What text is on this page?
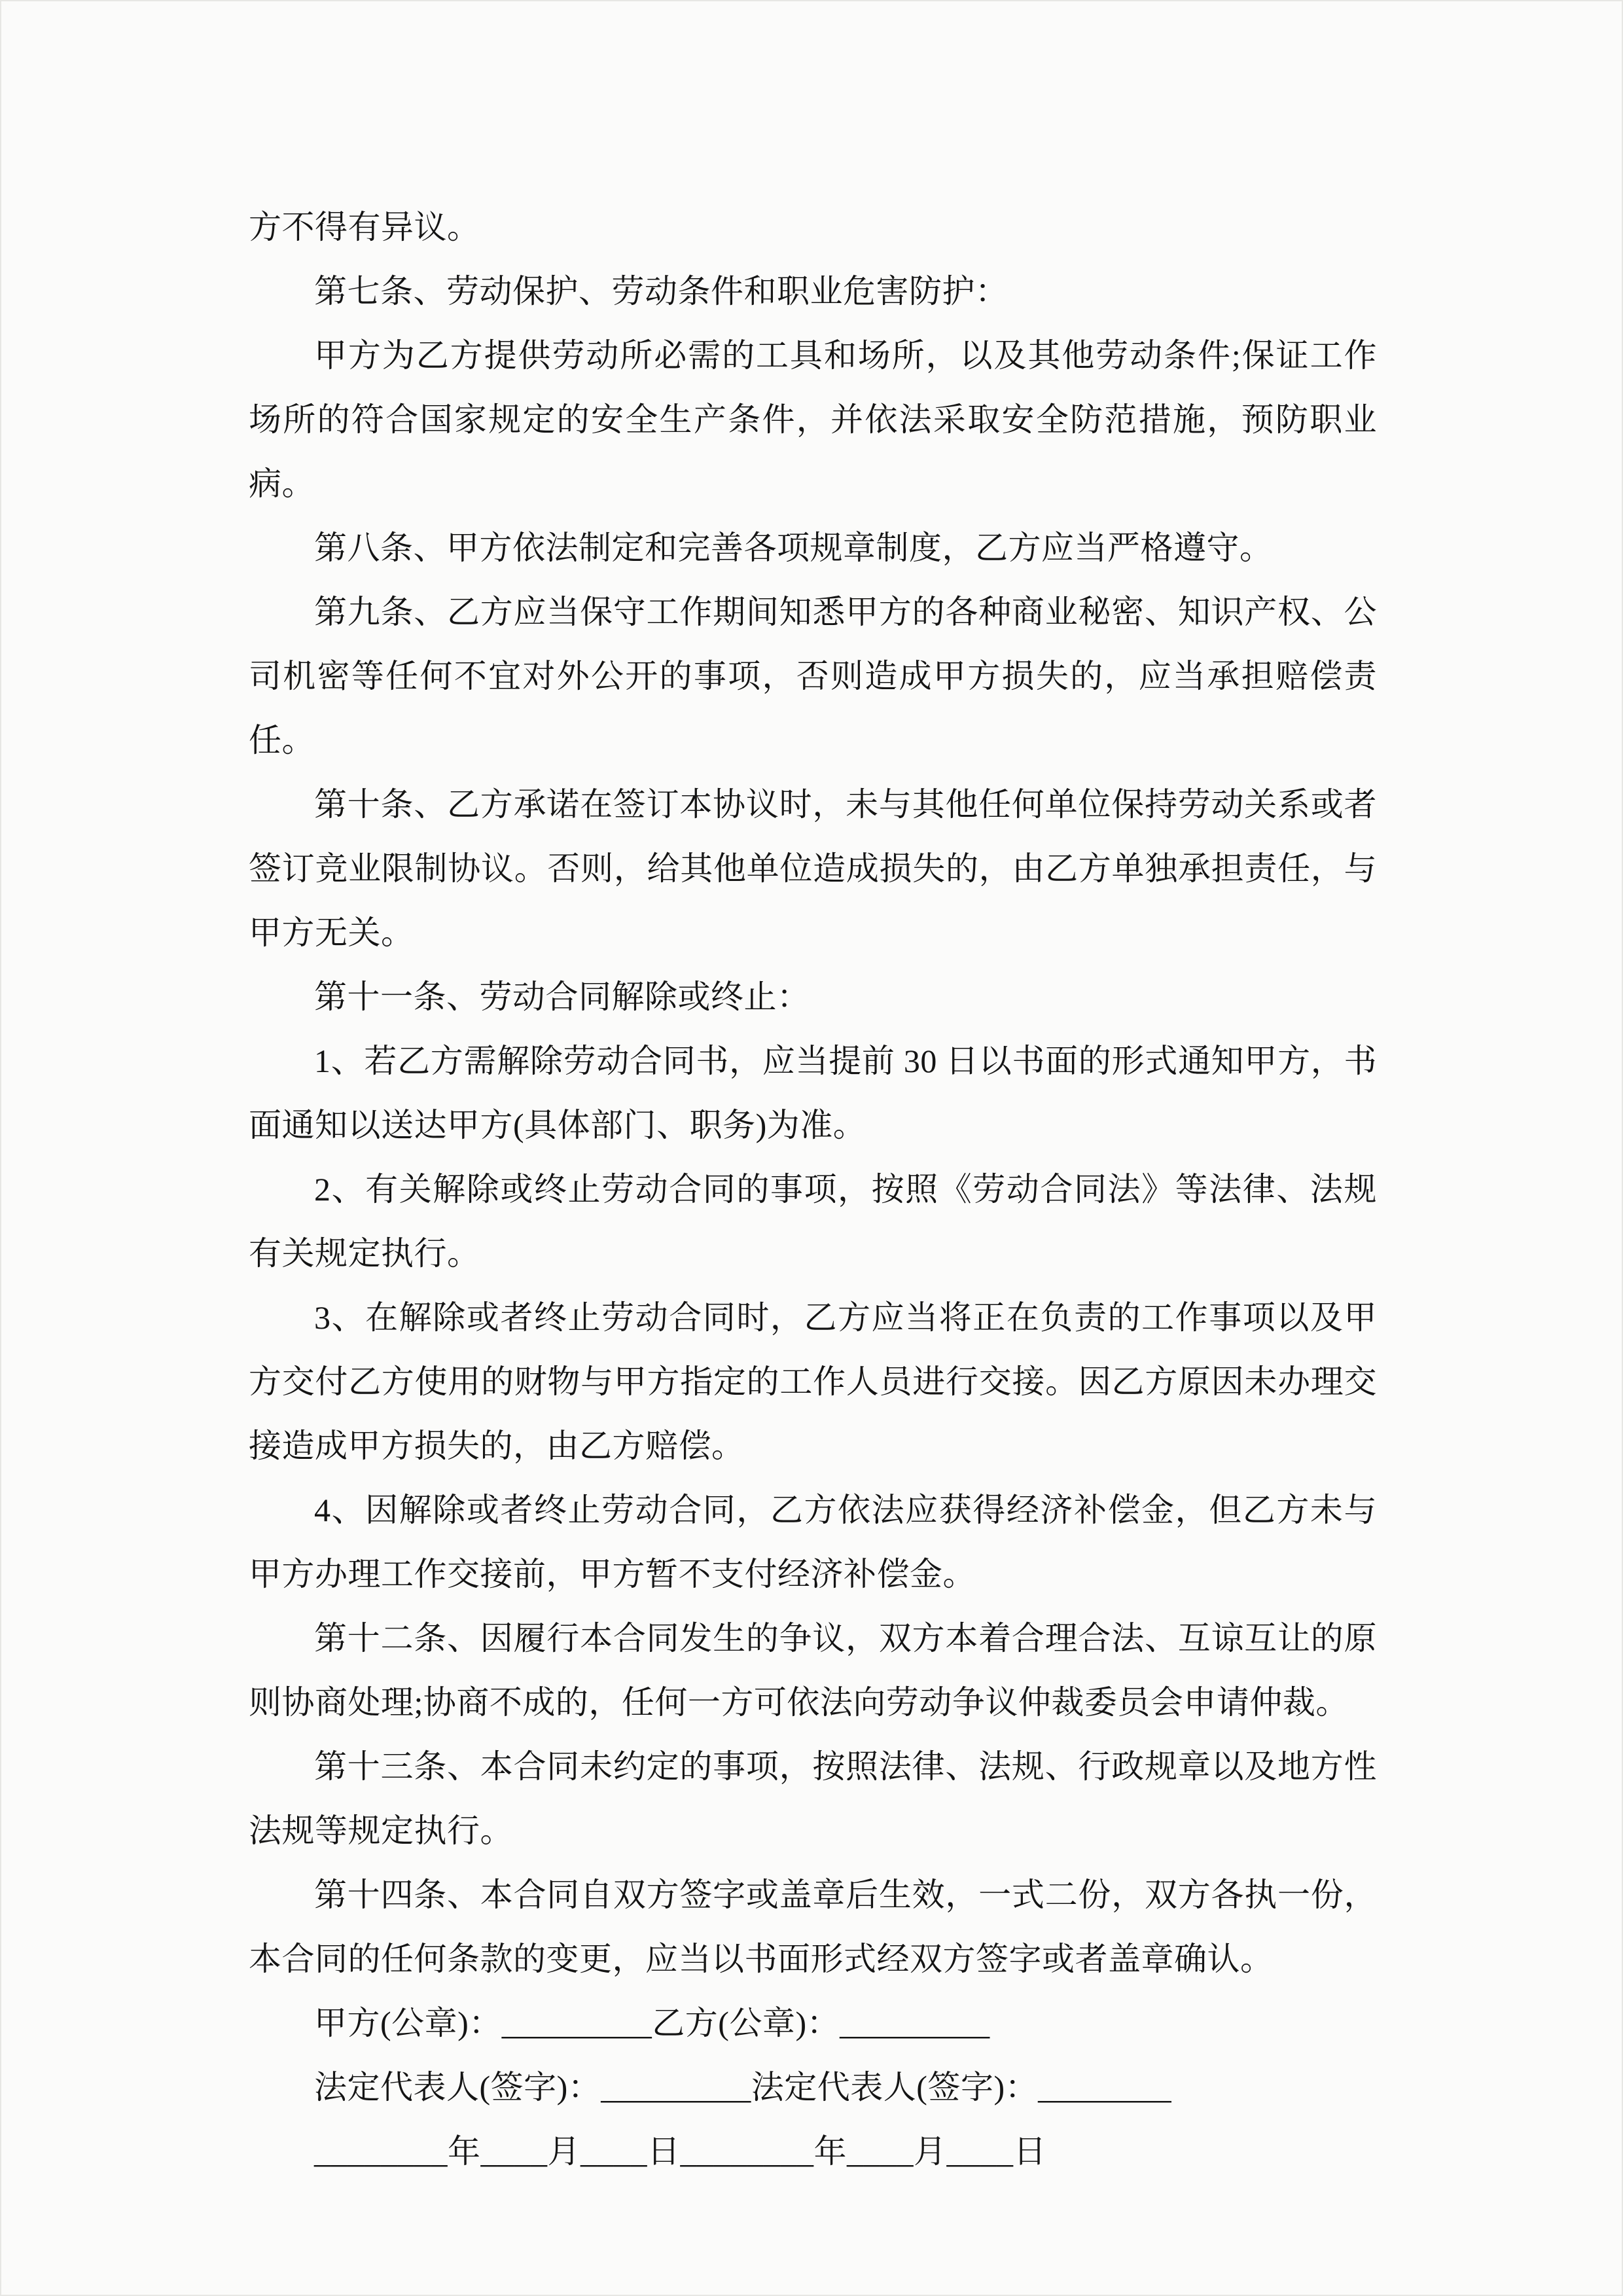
方不得有异议。

第七条、劳动保护、劳动条件和职业危害防护：

甲方为乙方提供劳动所必需的工具和场所，以及其他劳动条件;保证工作场所的符合国家规定的安全生产条件，并依法采取安全防范措施，预防职业病。

第八条、甲方依法制定和完善各项规章制度，乙方应当严格遵守。

第九条、乙方应当保守工作期间知悉甲方的各种商业秘密、知识产权、公司机密等任何不宜对外公开的事项，否则造成甲方损失的，应当承担赔偿责任。

第十条、乙方承诺在签订本协议时，未与其他任何单位保持劳动关系或者签订竞业限制协议。否则，给其他单位造成损失的，由乙方单独承担责任，与甲方无关。

第十一条、劳动合同解除或终止：

1、若乙方需解除劳动合同书，应当提前 30 日以书面的形式通知甲方，书面通知以送达甲方(具体部门、职务)为准。

2、有关解除或终止劳动合同的事项，按照《劳动合同法》等法律、法规有关规定执行。

3、在解除或者终止劳动合同时，乙方应当将正在负责的工作事项以及甲方交付乙方使用的财物与甲方指定的工作人员进行交接。因乙方原因未办理交接造成甲方损失的，由乙方赔偿。

4、因解除或者终止劳动合同，乙方依法应获得经济补偿金，但乙方未与甲方办理工作交接前，甲方暂不支付经济补偿金。

第十二条、因履行本合同发生的争议，双方本着合理合法、互谅互让的原则协商处理;协商不成的，任何一方可依法向劳动争议仲裁委员会申请仲裁。

第十三条、本合同未约定的事项，按照法律、法规、行政规章以及地方性法规等规定执行。

第十四条、本合同自双方签字或盖章后生效，一式二份，双方各执一份，本合同的任何条款的变更，应当以书面形式经双方签字或者盖章确认。

甲方(公章)：_________乙方(公章)：_________

法定代表人(签字)：_________法定代表人(签字)：________

________年____月____日________年____月____日
